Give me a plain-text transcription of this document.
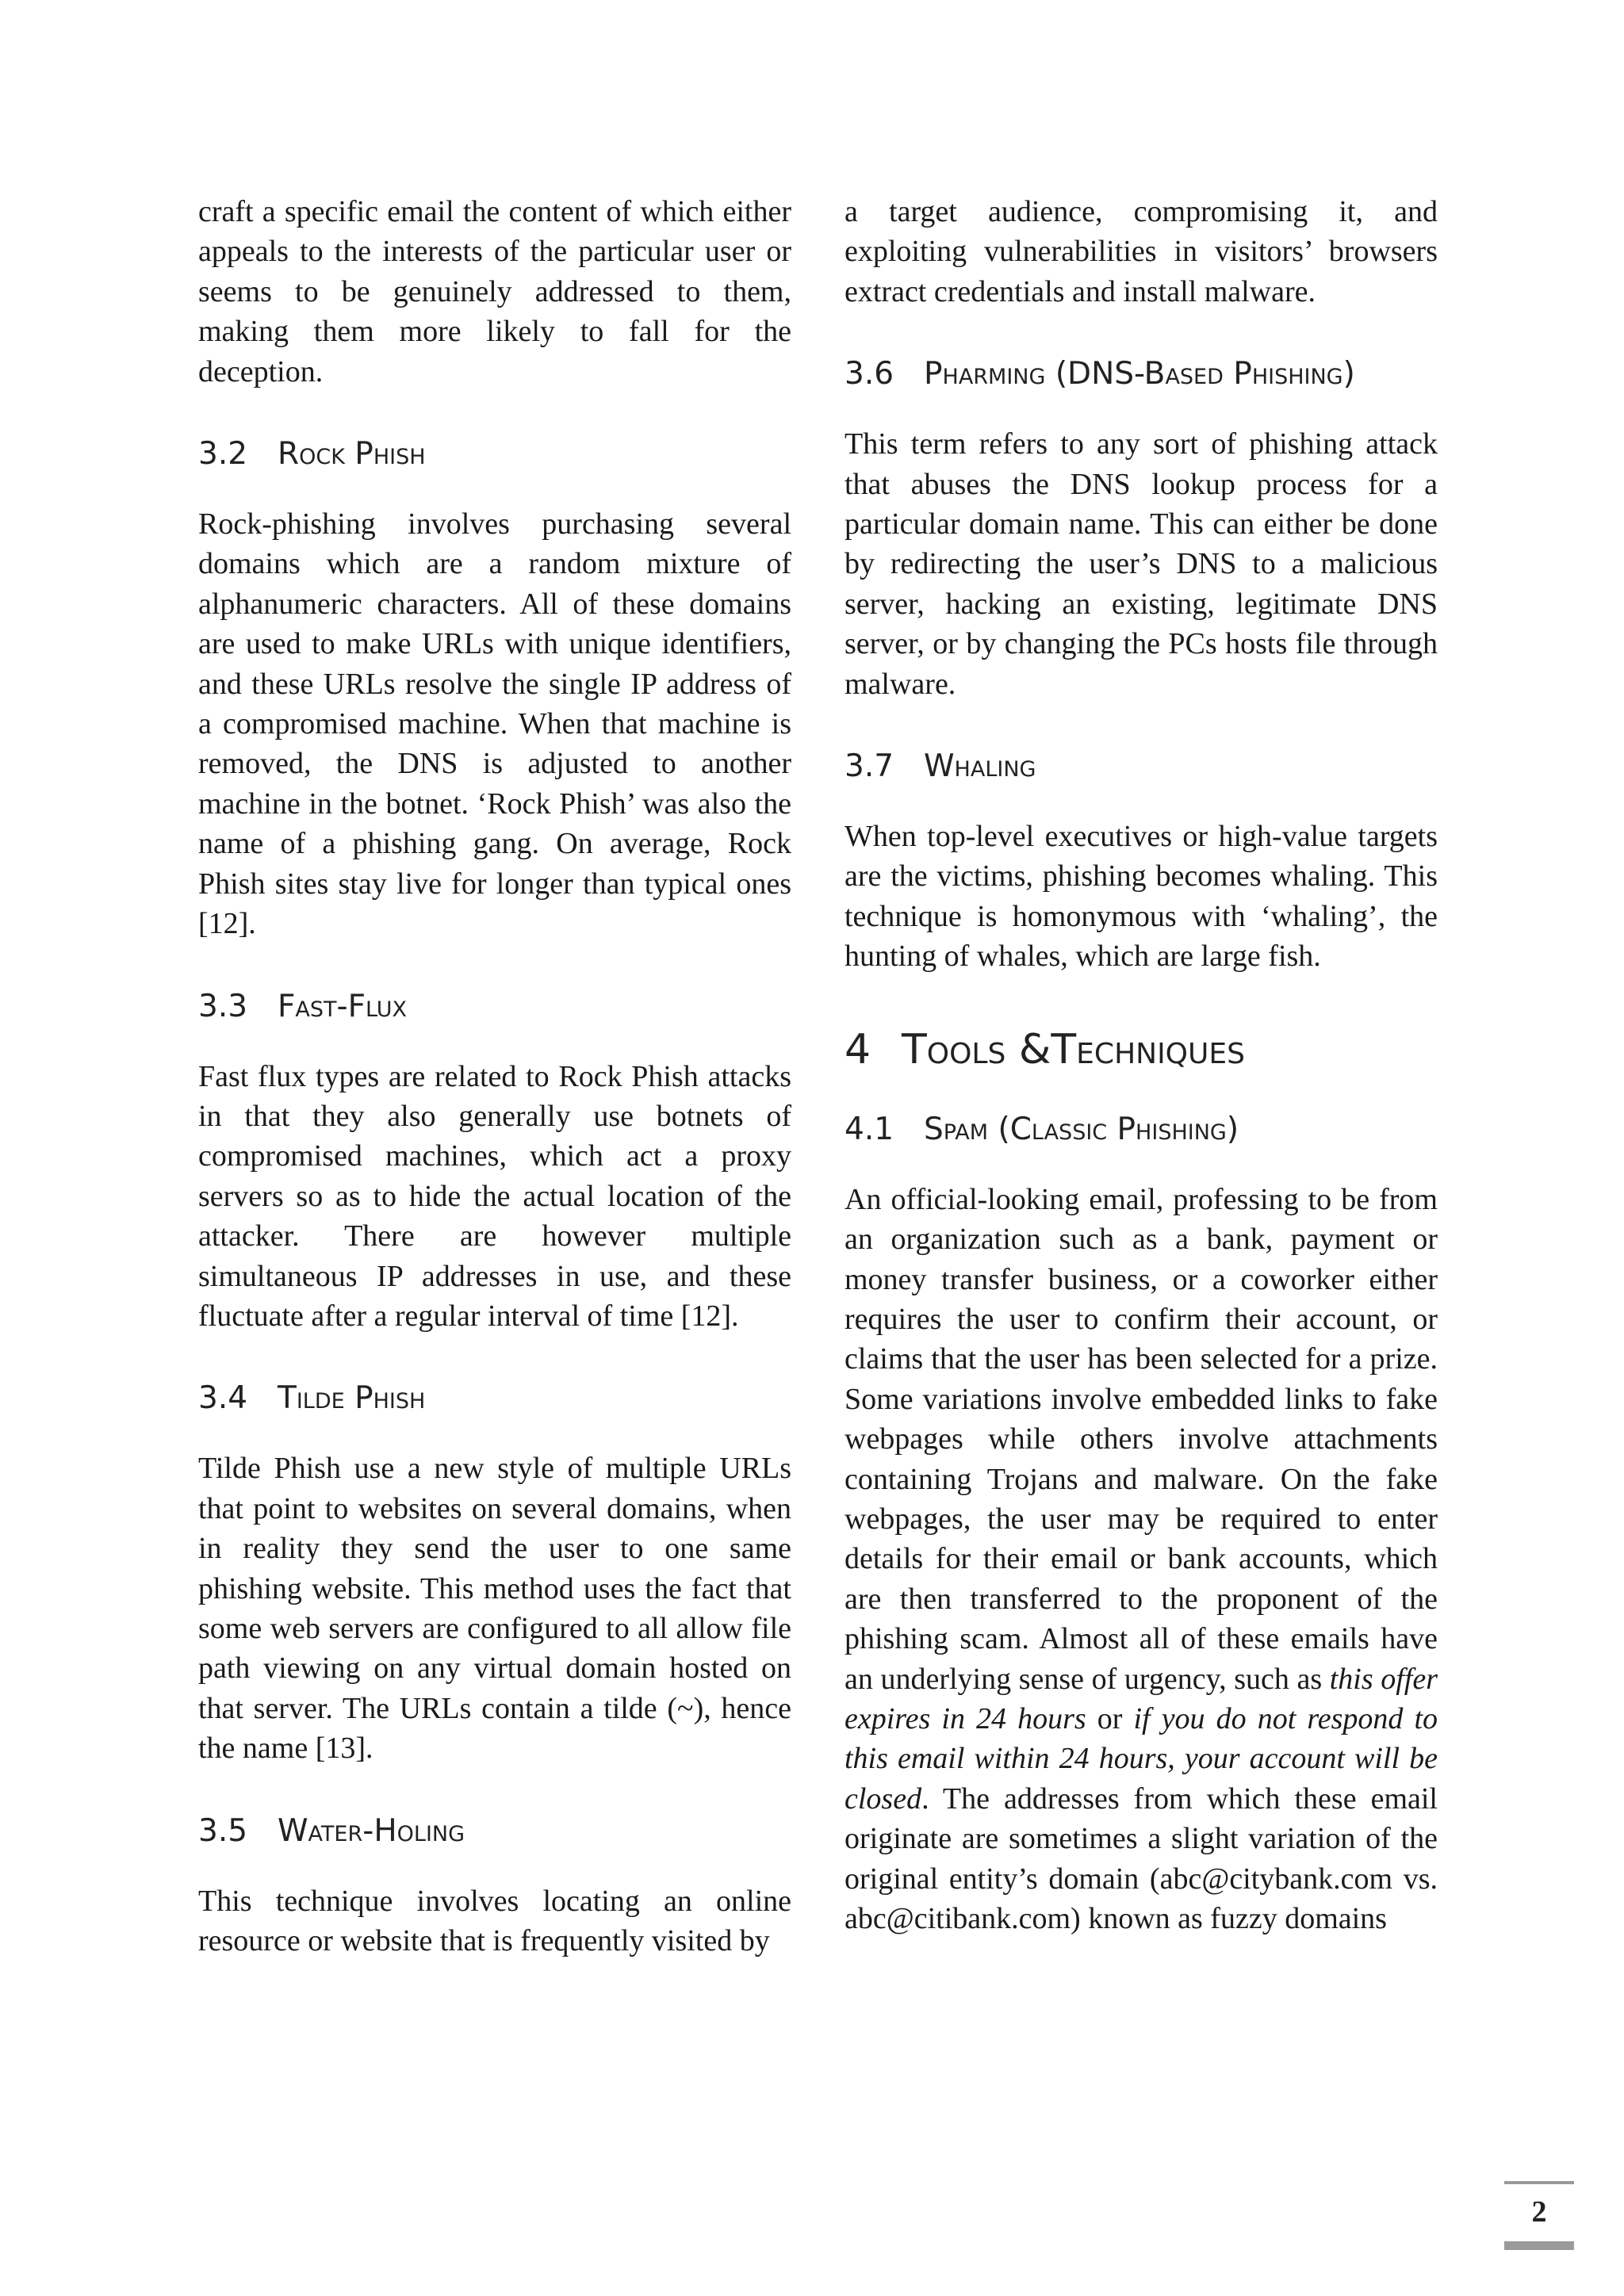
craft a specific email the content of which either appeals to the interests of the particular user or seems to be genuinely addressed to them, making them more likely to fall for the deception.

3.2 Rock Phish

Rock-phishing involves purchasing several domains which are a random mixture of alphanumeric characters. All of these domains are used to make URLs with unique identifiers, and these URLs resolve the single IP address of a compromised machine. When that machine is removed, the DNS is adjusted to another machine in the botnet. ‘Rock Phish’ was also the name of a phishing gang. On average, Rock Phish sites stay live for longer than typical ones [12].

3.3 Fast-Flux

Fast flux types are related to Rock Phish attacks in that they also generally use botnets of compromised machines, which act a proxy servers so as to hide the actual location of the attacker. There are however multiple simultaneous IP addresses in use, and these fluctuate after a regular interval of time [12].

3.4 Tilde Phish

Tilde Phish use a new style of multiple URLs that point to websites on several domains, when in reality they send the user to one same phishing website. This method uses the fact that some web servers are configured to all allow file path viewing on any virtual domain hosted on that server. The URLs contain a tilde (~), hence the name [13].

3.5 Water-Holing

This technique involves locating an online resource or website that is frequently visited by

a target audience, compromising it, and exploiting vulnerabilities in visitors’ browsers extract credentials and install malware.

3.6 Pharming (DNS-Based Phishing)

This term refers to any sort of phishing attack that abuses the DNS lookup process for a particular domain name. This can either be done by redirecting the user’s DNS to a malicious server, hacking an existing, legitimate DNS server, or by changing the PCs hosts file through malware.

3.7 Whaling

When top-level executives or high-value targets are the victims, phishing becomes whaling. This technique is homonymous with ‘whaling’, the hunting of whales, which are large fish.

4 Tools &Techniques
4.1 Spam (Classic Phishing)

An official-looking email, professing to be from an organization such as a bank, payment or money transfer business, or a coworker either requires the user to confirm their account, or claims that the user has been selected for a prize. Some variations involve embedded links to fake webpages while others involve attachments containing Trojans and malware. On the fake webpages, the user may be required to enter details for their email or bank accounts, which are then transferred to the proponent of the phishing scam. Almost all of these emails have an underlying sense of urgency, such as this offer expires in 24 hours or if you do not respond to this email within 24 hours, your account will be closed. The addresses from which these email originate are sometimes a slight variation of the original entity’s domain (abc@citybank.com vs. abc@citibank.com) known as fuzzy domains

2
